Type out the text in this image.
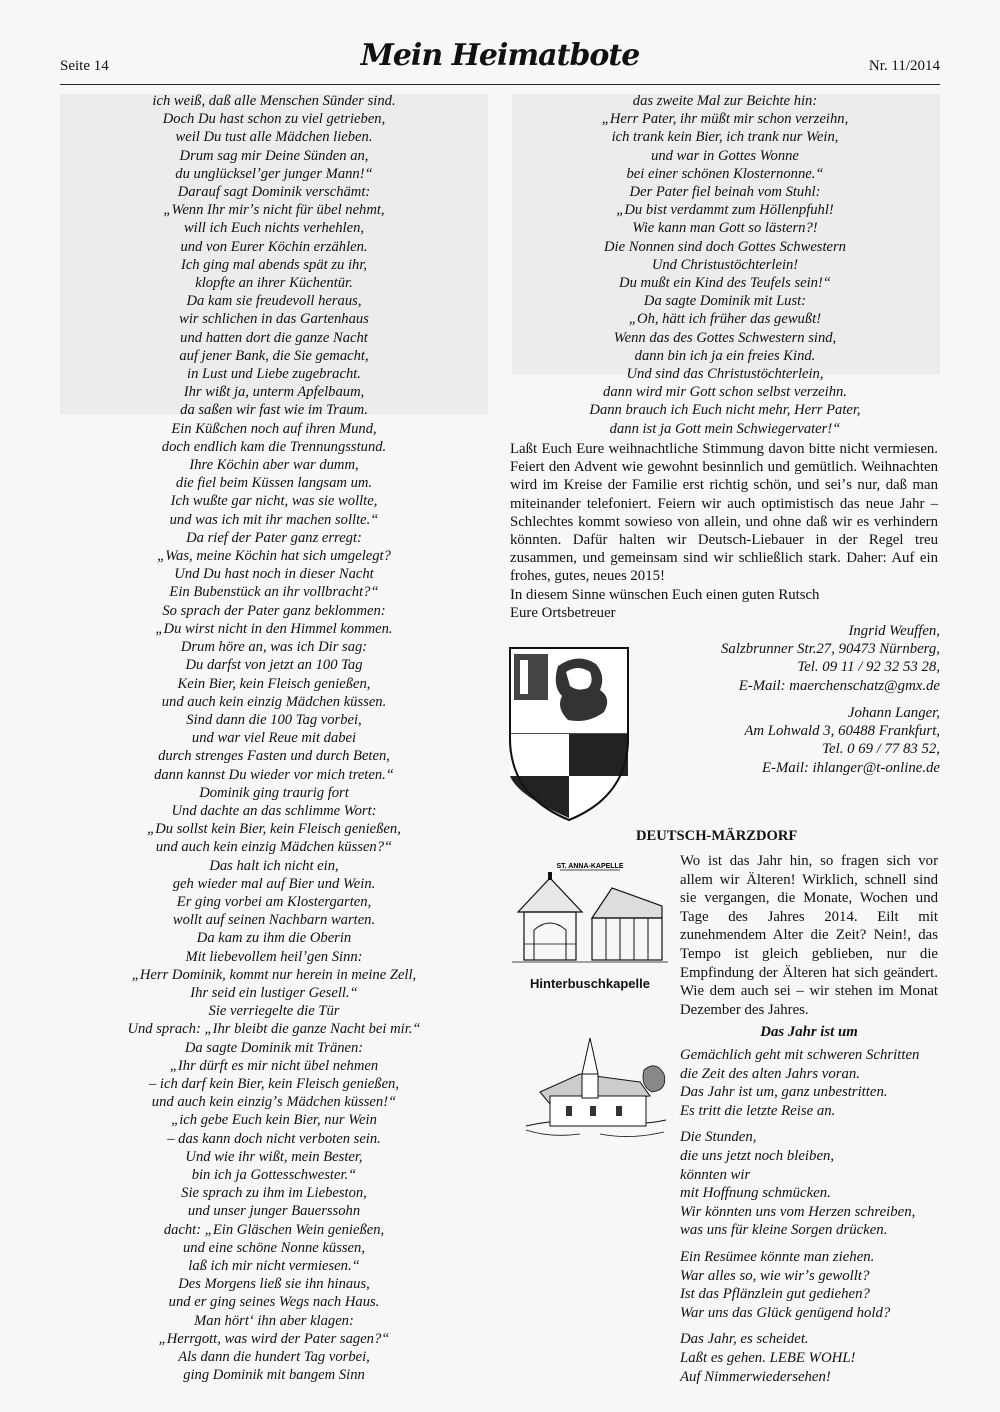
Seite 14	Mein Heimatbote	Nr. 11/2014
ich weiß, daß alle Menschen Sünder sind.
Doch Du hast schon zu viel getrieben,
weil Du tust alle Mädchen lieben.
Drum sag mir Deine Sünden an,
du unglückselʼger junger Mann!“
Darauf sagt Dominik verschämt:
„Wenn Ihr mirʼs nicht für übel nehmt,
will ich Euch nichts verhehlen,
und von Eurer Köchin erzählen.
Ich ging mal abends spät zu ihr,
klopfte an ihrer Küchentür.
Da kam sie freudevoll heraus,
wir schlichen in das Gartenhaus
und hatten dort die ganze Nacht
auf jener Bank, die Sie gemacht,
in Lust und Liebe zugebracht.
Ihr wißt ja, unterm Apfelbaum,
da saßen wir fast wie im Traum.
Ein Küßchen noch auf ihren Mund,
doch endlich kam die Trennungsstund.
Ihre Köchin aber war dumm,
die fiel beim Küssen langsam um.
Ich wußte gar nicht, was sie wollte,
und was ich mit ihr machen sollte.“
Da rief der Pater ganz erregt:
„Was, meine Köchin hat sich umgelegt?
Und Du hast noch in dieser Nacht
Ein Bubenstück an ihr vollbracht?“
So sprach der Pater ganz beklommen:
„Du wirst nicht in den Himmel kommen.
Drum höre an, was ich Dir sag:
Du darfst von jetzt an 100 Tag
Kein Bier, kein Fleisch genießen,
und auch kein einzig Mädchen küssen.
Sind dann die 100 Tag vorbei,
und war viel Reue mit dabei
durch strenges Fasten und durch Beten,
dann kannst Du wieder vor mich treten.“
Dominik ging traurig fort
Und dachte an das schlimme Wort:
„Du sollst kein Bier, kein Fleisch genießen,
und auch kein einzig Mädchen küssen?“
Das halt ich nicht ein,
geh wieder mal auf Bier und Wein.
Er ging vorbei am Klostergarten,
wollt auf seinen Nachbarn warten.
Da kam zu ihm die Oberin
Mit liebevollem heilʼgen Sinn:
„Herr Dominik, kommt nur herein in meine Zell,
Ihr seid ein lustiger Gesell.“
Sie verriegelte die Tür
Und sprach: „Ihr bleibt die ganze Nacht bei mir.“
Da sagte Dominik mit Tränen:
„Ihr dürft es mir nicht übel nehmen
– ich darf kein Bier, kein Fleisch genießen,
und auch kein einzigʼs Mädchen küssen!“
„ich gebe Euch kein Bier, nur Wein
– das kann doch nicht verboten sein.
Und wie ihr wißt, mein Bester,
bin ich ja Gottesschwester.“
Sie sprach zu ihm im Liebeston,
und unser junger Bauerssohn
dacht: „Ein Gläschen Wein genießen,
und eine schöne Nonne küssen,
laß ich mir nicht vermiesen.“
Des Morgens ließ sie ihn hinaus,
und er ging seines Wegs nach Haus.
Man hört‘ ihn aber klagen:
„Herrgott, was wird der Pater sagen?“
Als dann die hundert Tag vorbei,
ging Dominik mit bangem Sinn
das zweite Mal zur Beichte hin:
„Herr Pater, ihr müßt mir schon verzeihn,
ich trank kein Bier, ich trank nur Wein,
und war in Gottes Wonne
bei einer schönen Klosternonne.“
Der Pater fiel beinah vom Stuhl:
„Du bist verdammt zum Höllenpfuhl!
Wie kann man Gott so lästern?!
Die Nonnen sind doch Gottes Schwestern
Und Christustöchterlein!
Du mußt ein Kind des Teufels sein!“
Da sagte Dominik mit Lust:
„Oh, hätt ich früher das gewußt!
Wenn das des Gottes Schwestern sind,
dann bin ich ja ein freies Kind.
Und sind das Christustöchterlein,
dann wird mir Gott schon selbst verzeihn.
Dann brauch ich Euch nicht mehr, Herr Pater,
dann ist ja Gott mein Schwiegervater!“

Laßt Euch Eure weihnachtliche Stimmung davon bitte nicht vermiesen. Feiert den Advent wie gewohnt besinnlich und gemütlich. Weihnachten wird im Kreise der Familie erst richtig schön, und seiʼs nur, daß man miteinander telefoniert. Feiern wir auch optimistisch das neue Jahr – Schlechtes kommt sowieso von allein, und ohne daß wir es verhindern könnten. Dafür halten wir Deutsch-Liebauer in der Regel treu zusammen, und gemeinsam sind wir schließlich stark. Daher: Auf ein frohes, gutes, neues 2015!

In diesem Sinne wünschen Euch einen guten Rutsch

Eure Ortsbetreuer

Ingrid Weuffen,
Salzbrunner Str.27, 90473 Nürnberg,
Tel. 09 11 / 92 32 53 28,
E-Mail: maerchenschatz@gmx.de
Johann Langer,
Am Lohwald 3, 60488 Frankfurt,
Tel. 0 69 / 77 83 52,
E-Mail: ihlanger@t-online.de
DEUTSCH-MÄRZDORF
ST. ANNA-KAPELLE
Hinterbuschkapelle
Wo ist das Jahr hin, so fragen sich vor allem wir Älteren! Wirklich, schnell sind sie vergangen, die Monate, Wochen und Tage des Jahres 2014. Eilt mit zunehmendem Alter die Zeit? Nein!, das Tempo ist gleich geblieben, nur die Empfindung der Älteren hat sich geändert. Wie dem auch sei – wir stehen im Monat Dezember des Jahres.
Das Jahr ist um
Gemächlich geht mit schweren Schritten
die Zeit des alten Jahrs voran.
Das Jahr ist um, ganz unbestritten.
Es tritt die letzte Reise an.
Die Stunden,
die uns jetzt noch bleiben,
könnten wir
mit Hoffnung schmücken.
Wir könnten uns vom Herzen schreiben,
was uns für kleine Sorgen drücken.
Ein Resümee könnte man ziehen.
War alles so, wie wirʼs gewollt?
Ist das Pflänzlein gut gediehen?
War uns das Glück genügend hold?
Das Jahr, es scheidet.
Laßt es gehen. LEBE WOHL!
Auf Nimmerwiedersehen!
